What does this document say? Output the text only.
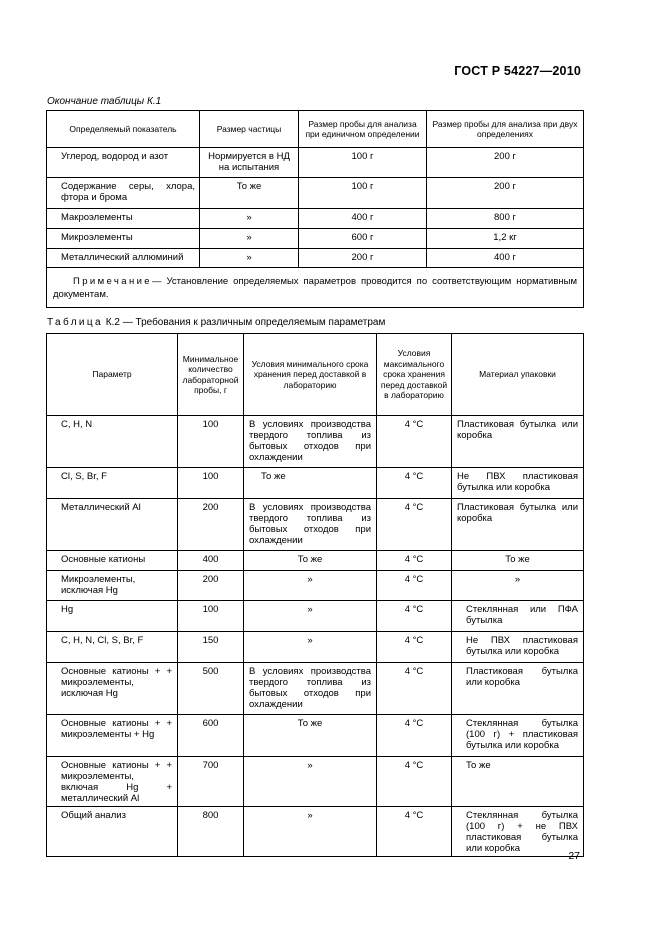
ГОСТ Р 54227—2010
Окончание таблицы К.1
Определяемый показатель	Размер частицы	Размер пробы для анализа при единичном определении	Размер пробы для анализа при двух определениях
Углерод, водород и азот	Нормируется в НД на испытания	100 г	200 г
Содержание серы, хлора, фтора и брома	То же	100 г	200 г
Макроэлементы	»	400 г	800 г
Микроэлементы	»	600 г	1,2 кг
Металлический аллюминий	»	200 г	400 г
Примечание— Установление определяемых параметров проводится по соответствующим нормативным документам.			
Таблица К.2 — Требования к различным определяемым параметрам
Параметр	Минимальное количество лабораторной пробы, г	Условия минимального срока хранения перед доставкой в лабораторию	Условия максимального срока хранения перед доставкой в лабораторию	Материал упаковки
C, H, N	100	В условиях производства твердого топлива из бытовых отходов при охлаждении	4 °C	Пластиковая бутылка или коробка
Cl, S, Br, F	100	То же	4 °C	Не ПВХ пластиковая бутылка или коробка
Металлический Al	200	В условиях производства твердого топлива из бытовых отходов при охлаждении	4 °C	Пластиковая бутылка или коробка
Основные катионы	400	То же	4 °C	То же
Микроэлементы, исключая Hg	200	»	4 °C	»
Hg	100	»	4 °C	Стеклянная или ПФА бутылка
C, H, N, Cl, S, Br, F	150	»	4 °C	Не ПВХ пластиковая бутылка или коробка
Основные катионы + + микроэлементы, исключая Hg	500	В условиях производства твердого топлива из бытовых отходов при охлаждении	4 °C	Пластиковая бутылка или коробка
Основные катионы + + микроэлементы + Hg	600	То же	4 °C	Стеклянная бутылка (100 г) + пластиковая бутылка или коробка
Основные катионы + + микроэлементы, включая Hg + металлический Al	700	»	4 °C	То же
Общий анализ	800	»	4 °C	Стеклянная бутылка (100 г) + не ПВХ пластиковая бутылка или коробка
27
